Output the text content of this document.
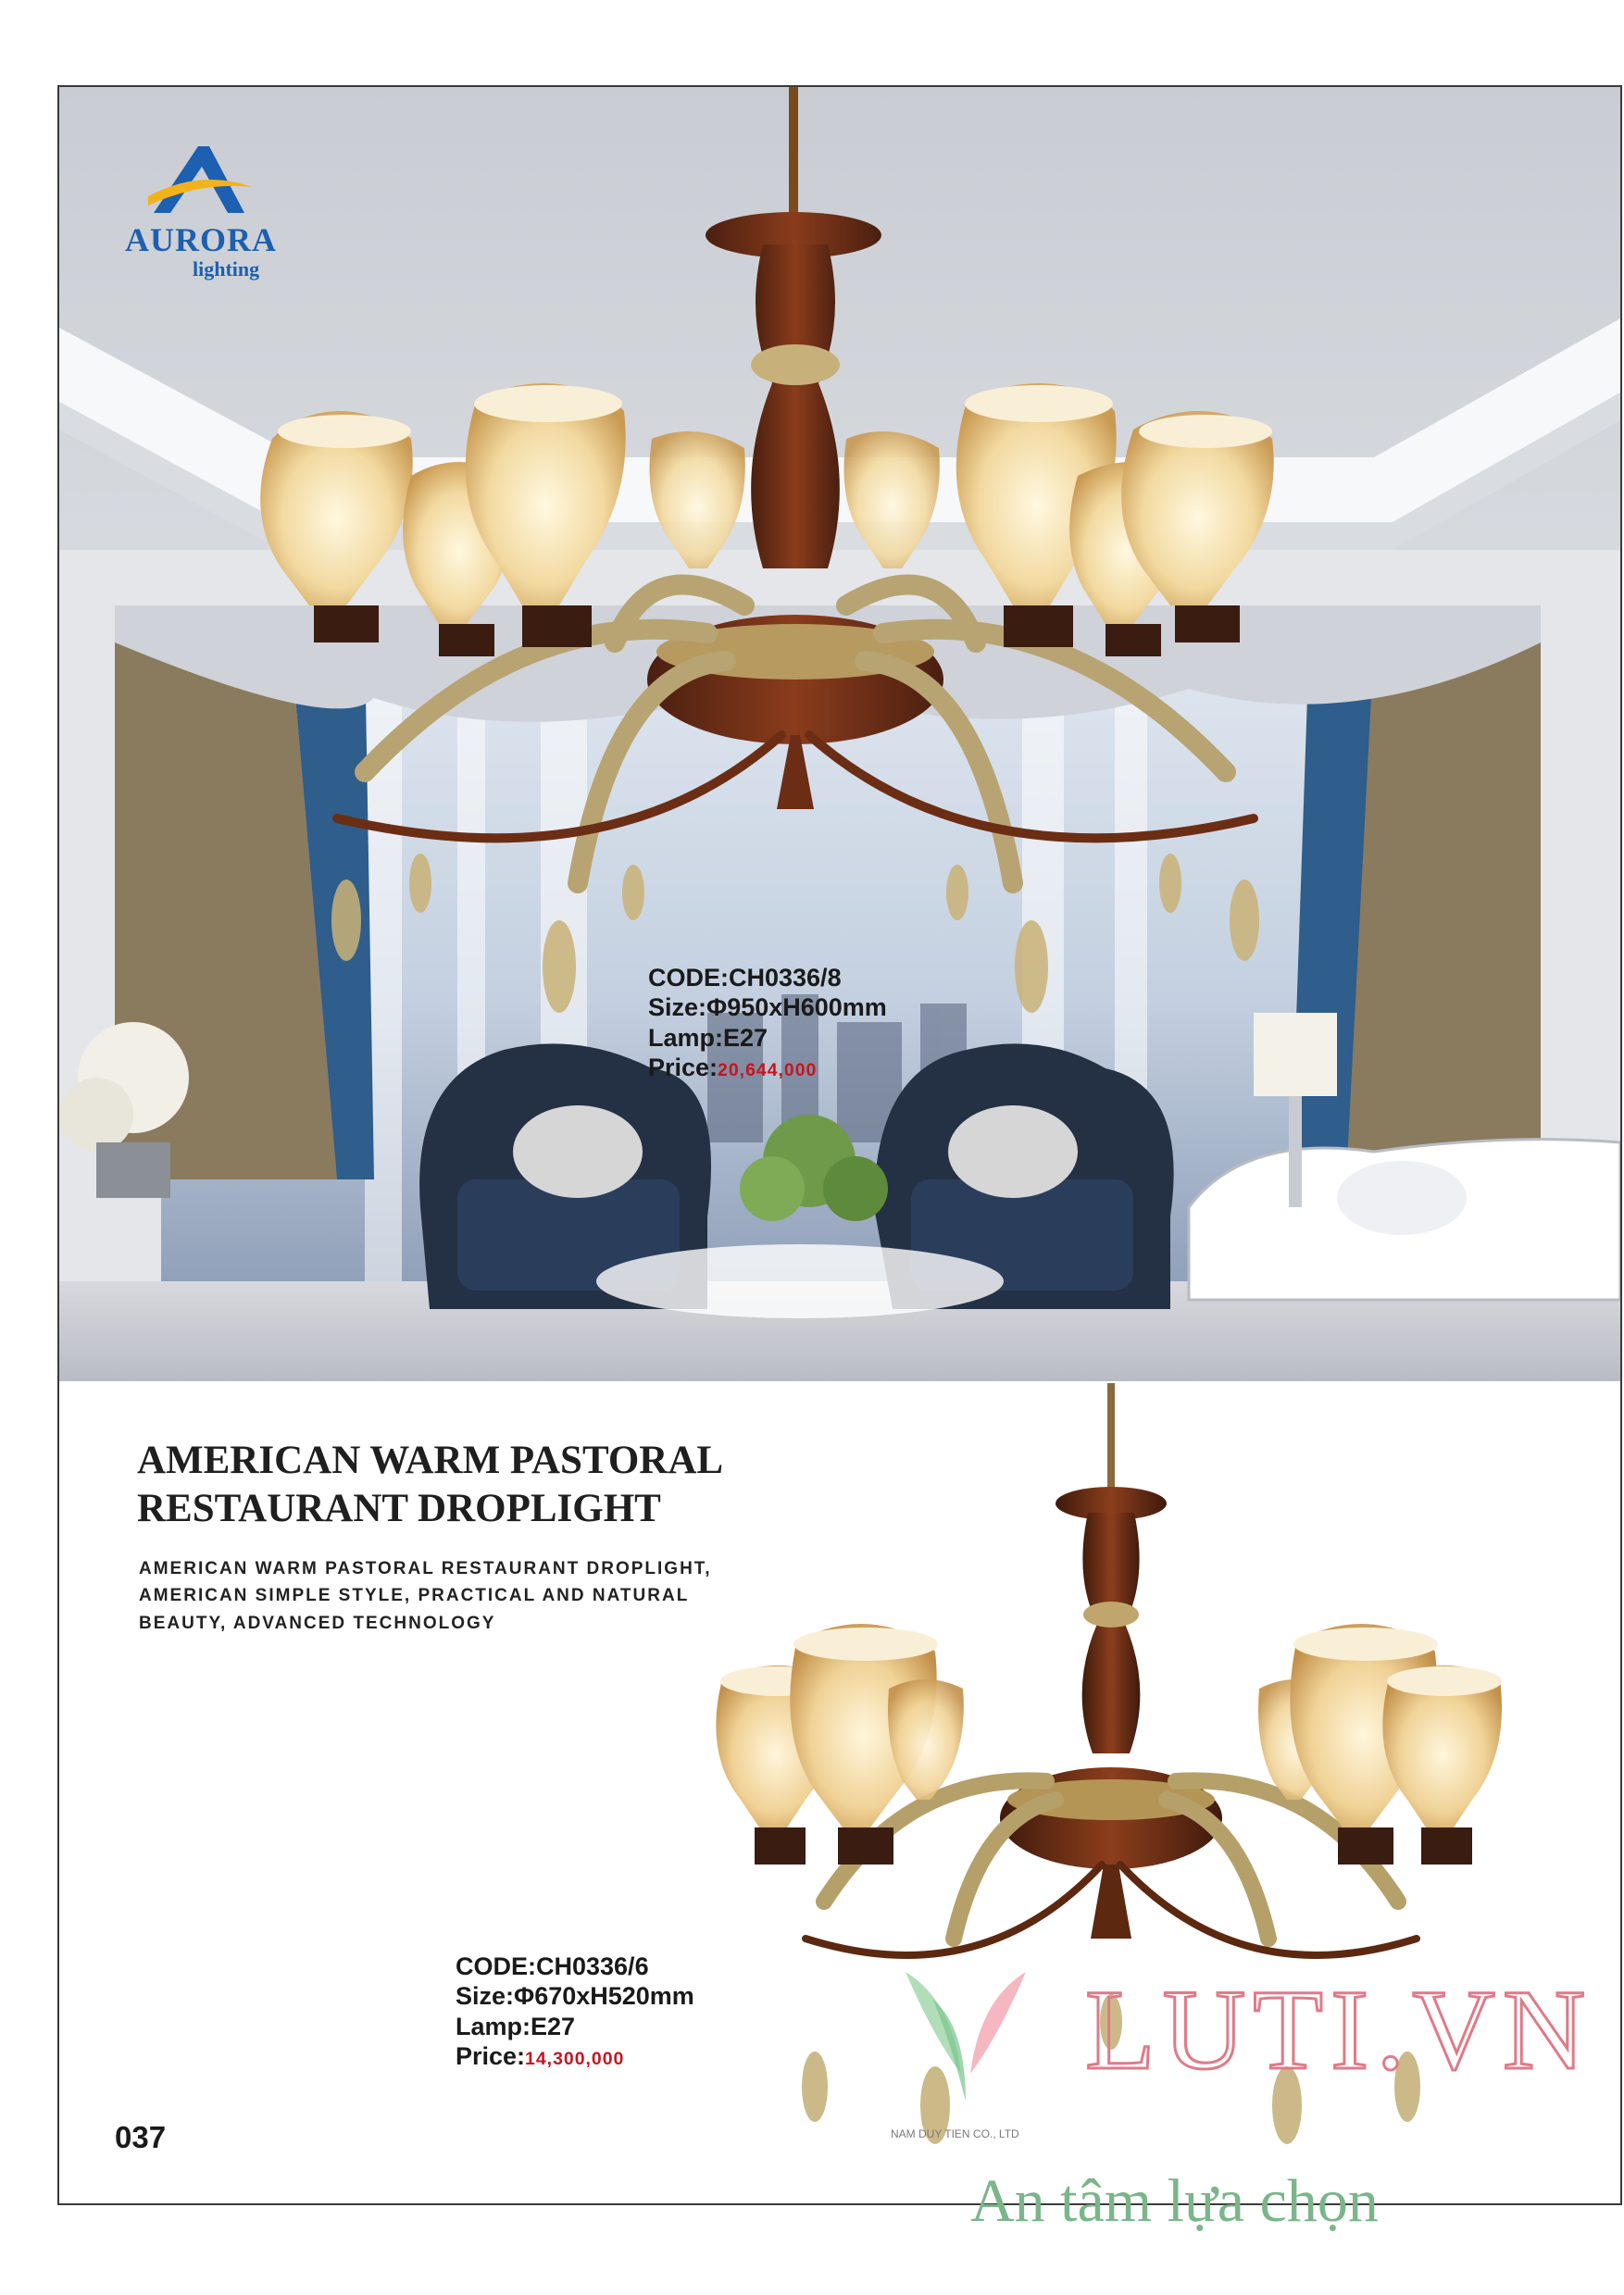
AURORA
lighting
CODE:CH0336/8
Size:Φ950xH600mm
Lamp:E27
Price:20,644,000
AMERICAN WARM PASTORAL
RESTAURANT DROPLIGHT
AMERICAN WARM PASTORAL RESTAURANT DROPLIGHT,
AMERICAN SIMPLE STYLE, PRACTICAL AND NATURAL
BEAUTY, ADVANCED TECHNOLOGY
CODE:CH0336/6
Size:Φ670xH520mm
Lamp:E27
Price:14,300,000	LUTI.VN
NAM DUY TIEN CO., LTD
An tâm lựa chọn
037
